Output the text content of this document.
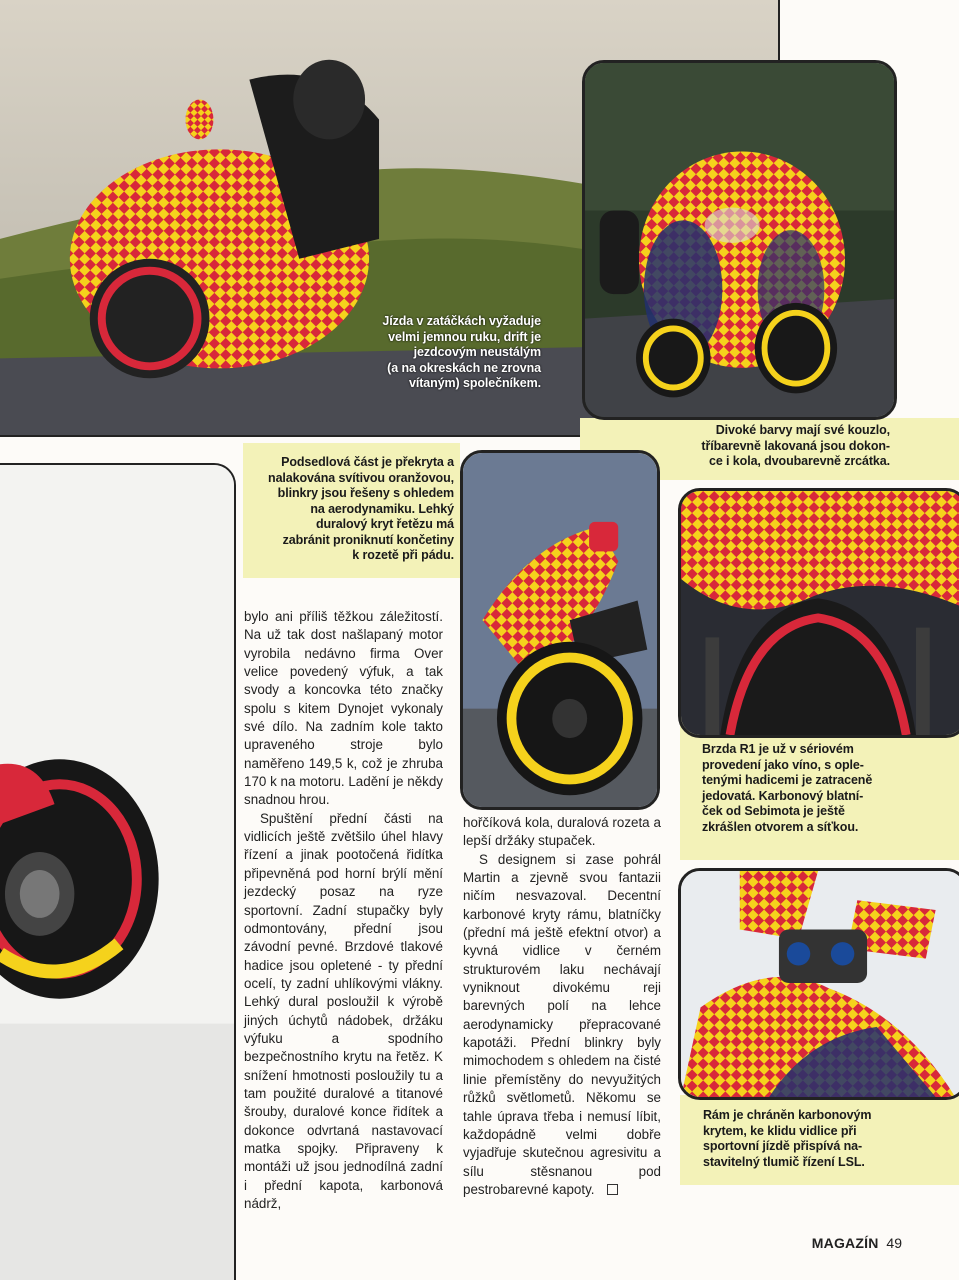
Jízda v zatáčkách vyžaduje
velmi jemnou ruku, drift je
jezdcovým neustálým
(a na okreskách ne zrovna
vítaným) společníkem.
Divoké barvy mají své kouzlo,
tříbarevně lakovaná jsou dokon-
ce i kola, dvoubarevně zrcátka.
Podsedlová část je překryta a
nalakována svítivou oranžovou,
blinkry jsou řešeny s ohledem
na aerodynamiku. Lehký
duralový kryt řetězu má
zabránit proniknutí končetiny
k rozetě při pádu.
Brzda R1 je už v sériovém
provedení jako víno, s ople-
tenými hadicemi je zatraceně
jedovatá. Karbonový blatní-
ček od Sebimota je ještě
zkrášlen otvorem a síťkou.
Rám je chráněn karbonovým
krytem, ke klidu vidlice při
sportovní jízdě přispívá na-
stavitelný tlumič řízení LSL.

bylo ani příliš těžkou záležitostí. Na už tak dost našlapaný motor vyrobila nedávno firma Over velice povedený výfuk, a tak svody a koncovka této značky spolu s kitem Dynojet vykonaly své dílo. Na zadním kole takto upraveného stroje bylo naměřeno 149,5 k, což je zhruba 170 k na motoru. Ladění je někdy snadnou hrou.

Spuštění přední části na vidlicích ještě zvětšilo úhel hlavy řízení a jinak pootočená řidítka připevněná pod horní brýlí mění jezdecký posaz na ryze sportovní. Zadní stupačky byly odmontovány, přední jsou závodní pevné. Brzdové tlakové hadice jsou opletené - ty přední ocelí, ty zadní uhlíkovými vlákny. Lehký dural posloužil k výrobě jiných úchytů nádobek, držáku výfuku a spodního bezpečnostního krytu na řetěz. K snížení hmotnosti posloužily tu a tam použité duralové a titanové šrouby, duralové konce řidítek a dokonce odvrtaná nastavovací matka spojky. Připraveny k montáži už jsou jednodílná zadní i přední kapota, karbonová nádrž,

hořčíková kola, duralová rozeta a lepší držáky stupaček.

S designem si zase pohrál Martin a zjevně svou fantazii ničím nesvazoval. Decentní karbonové kryty rámu, blatníčky (přední má ještě efektní otvor) a kyvná vidlice v černém strukturovém laku nechávají vyniknout divokému reji barevných polí na lehce aerodynamicky přepracované kapotáži. Přední blinkry byly mimochodem s ohledem na čisté linie přemístěny do nevyužitých růžků světlometů. Někomu se tahle úprava třeba i nemusí líbit, každopádně velmi dobře vyjadřuje skutečnou agresivitu a sílu stěsnanou pod pestrobarevné kapoty.

MAGAZÍN 49
